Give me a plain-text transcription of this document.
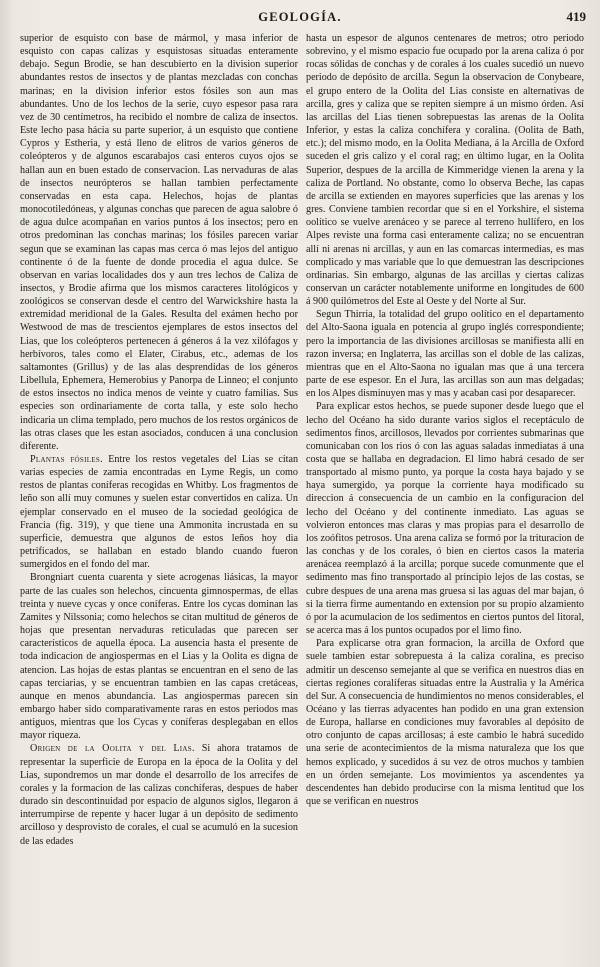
GEOLOGÍA.	419

superior de esquisto con base de mármol, y masa inferior de esquisto con capas calizas y esquistosas situadas enteramente debajo. Segun Brodie, se han descubierto en la division superior abundantes restos de insectos y de plantas mezcladas con conchas marinas; en la division inferior estos fósiles son aun mas abundantes. Uno de los lechos de la serie, cuyo espesor pasa rara vez de 30 centímetros, ha recibido el nombre de caliza de insectos. Este lecho pasa hácia su parte superior, á un esquisto que contiene Cypros y Estheria, y está lleno de elitros de varios géneros de coleópteros y de algunos escarabajos casi enteros cuyos ojos se hallan aun en buen estado de conservacion. Las nervaduras de alas de insectos neurópteros se hallan tambien perfectamente conservadas en esta capa. Helechos, hojas de plantas monocotiledóneas, y algunas conchas que parecen de agua salobre ó de agua dulce acompañan en varios puntos á los insectos; pero en otros predominan las conchas marinas; los fósiles parecen variar segun que se examinan las capas mas cerca ó mas lejos del antiguo continente ó de la fuente de donde procedia el agua dulce. Se observan en varias localidades dos y aun tres lechos de Caliza de insectos, y Brodie afirma que los mismos caracteres litológicos y zoológicos se conservan desde el centro del Warwickshire hasta la extremidad meridional de la Gales. Resulta del exámen hecho por Westwood de mas de trescientos ejemplares de estos insectos del Lias, que los coleópteros pertenecen á géneros á la vez xilófagos y herbívoros, tales como el Elater, Cirabus, etc., ademas de los saltamontes (Grillus) y de las alas desprendidas de los géneros Libellula, Ephemera, Hemerobius y Panorpa de Linneo; el conjunto de estos insectos no indica menos de veinte y cuatro familias. Sus especies son ordinariamente de corta talla, y este solo hecho indicaria un clima templado, pero muchos de los restos orgánicos de las otras clases que les estan asociados, conducen á una conclusion diferente.

Plantas fósiles. Entre los restos vegetales del Lias se citan varias especies de zamia encontradas en Lyme Regis, un como restos de plantas coníferas recogidas en Whitby. Los fragmentos de leño son allí muy comunes y suelen estar convertidos en caliza. Un ejemplar conservado en el museo de la sociedad geológica de Francia (fig. 319), y que tiene una Ammonita incrustada en su superficie, demuestra que algunos de estos leños hoy dia petrificados, se hallaban en estado blando cuando fueron sumergidos en el fondo del mar.

Brongniart cuenta cuarenta y siete acrogenas liásicas, la mayor parte de las cuales son helechos, cincuenta gimnospermas, de ellas treinta y nueve cycas y once coníferas. Entre los cycas dominan las Zamites y Nilssonia; como helechos se citan multitud de géneros de hojas que presentan nervaduras reticuladas que parecen ser característicos de aquella época. La ausencia hasta el presente de toda indicacion de angiospermas en el Lias y la Oolita es digna de atencion. Las hojas de estas plantas se encuentran en el seno de las capas terciarias, y se encuentran tambien en las capas cretáceas, aunque en menos abundancia. Las angiospermas parecen sin embargo haber sido comparativamente raras en estos periodos mas antiguos, mientras que los Cycas y coníferas desplegaban en ellos mayor riqueza.

Origen de la Oolita y del Lias. Si ahora tratamos de representar la superficie de Europa en la época de la Oolita y del Lias, supondremos un mar donde el desarrollo de los arrecifes de corales y la formacion de las calizas conchíferas, despues de haber durado sin descontinuidad por espacio de algunos siglos, llegaron á interrumpirse de repente y hacer lugar á un depósito de sedimento arcilloso y desprovisto de corales, el cual se acumuló en la sucesion de las edades

hasta un espesor de algunos centenares de metros; otro periodo sobrevino, y el mismo espacio fue ocupado por la arena caliza ó por rocas sólidas de conchas y de corales á los cuales sucedió un nuevo periodo de depósito de arcilla. Segun la observacion de Conybeare, el grupo entero de la Oolita del Lias consiste en alternativas de arcilla, gres y caliza que se repiten siempre á un mismo órden. Así las arcillas del Lias tienen sobrepuestas las arenas de la Oolita Inferior, y estas la caliza conchífera y coralina. (Oolita de Bath, etc.); del mismo modo, en la Oolita Mediana, á la Arcilla de Oxford suceden el gris calizo y el coral rag; en último lugar, en la Oolita Superior, despues de la arcilla de Kimmeridge vienen la arena y la caliza de Portland. No obstante, como lo observa Beche, las capas de arcilla se extienden en mayores superficies que las arenas y los gres. Conviene tambien recordar que si en el Yorkshire, el sistema oolítico se vuelve arenáceo y se parece al terreno hullífero, en los Alpes reviste una forma casi enteramente caliza; no se encuentran allí ni arenas ni arcillas, y aun en las comarcas intermedias, es mas complicado y mas variable que lo que demuestran las descripciones ordinarias. Sin embargo, algunas de las arcillas y ciertas calizas conservan un carácter notablemente uniforme en longitudes de 600 á 900 quilómetros del Este al Oeste y del Norte al Sur.

Segun Thirria, la totalidad del grupo oolítico en el departamento del Alto-Saona iguala en potencia al grupo inglés correspondiente; pero la importancia de las divisiones arcillosas se manifiesta allí en razon inversa; en Inglaterra, las arcillas son el doble de las calizas, mientras que en el Alto-Saona no igualan mas que á una tercera parte de ese espesor. En el Jura, las arcillas son aun mas delgadas; en los Alpes disminuyen mas y mas y acaban casi por desaparecer.

Para explicar estos hechos, se puede suponer desde luego que el lecho del Océano ha sido durante varios siglos el receptáculo de sedimentos finos, arcillosos, llevados por corrientes submarinas que comunicaban con los rios ó con las aguas saladas inmediatas á una costa que se hallaba en degradacion. El limo habrá cesado de ser transportado al mismo punto, ya porque la costa haya bajado y se haya sumergido, ya porque la corriente haya modificado su direccion á consecuencia de un cambio en la configuracion del lecho del Océano y del continente inmediato. Las aguas se volvieron entonces mas claras y mas propias para el desarrollo de los zoófitos petrosos. Una arena caliza se formó por la trituracion de las conchas y de los corales, ó bien en ciertos casos la materia arenácea reemplazó á la arcilla; porque sucede comunmente que el sedimento mas fino transportado al principio lejos de las costas, se cubre despues de una arena mas gruesa si las aguas del mar bajan, ó si la tierra firme aumentando en extension por su propio alzamiento ó por la acumulacion de los sedimentos en ciertos puntos del litoral, se acerca mas á los puntos ocupados por el limo fino.

Para explicarse otra gran formacion, la arcilla de Oxford que suele tambien estar sobrepuesta á la caliza coralina, es preciso admitir un descenso semejante al que se verifica en nuestros dias en ciertas regiones coralíferas situadas entre la Australia y la América del Sur. A consecuencia de hundimientos no menos considerables, el Océano y las tierras adyacentes han podido en una gran extension de Europa, hallarse en condiciones muy favorables al depósito de otro conjunto de capas arcillosas; á este cambio le habrá sucedido una serie de acontecimientos de la misma naturaleza que los que hemos explicado, y sucedidos á su vez de otros muchos y tambien en un órden semejante. Los movimientos ya ascendentes ya descendentes han debido producirse con la misma lentitud que los que se verifican en nuestros
